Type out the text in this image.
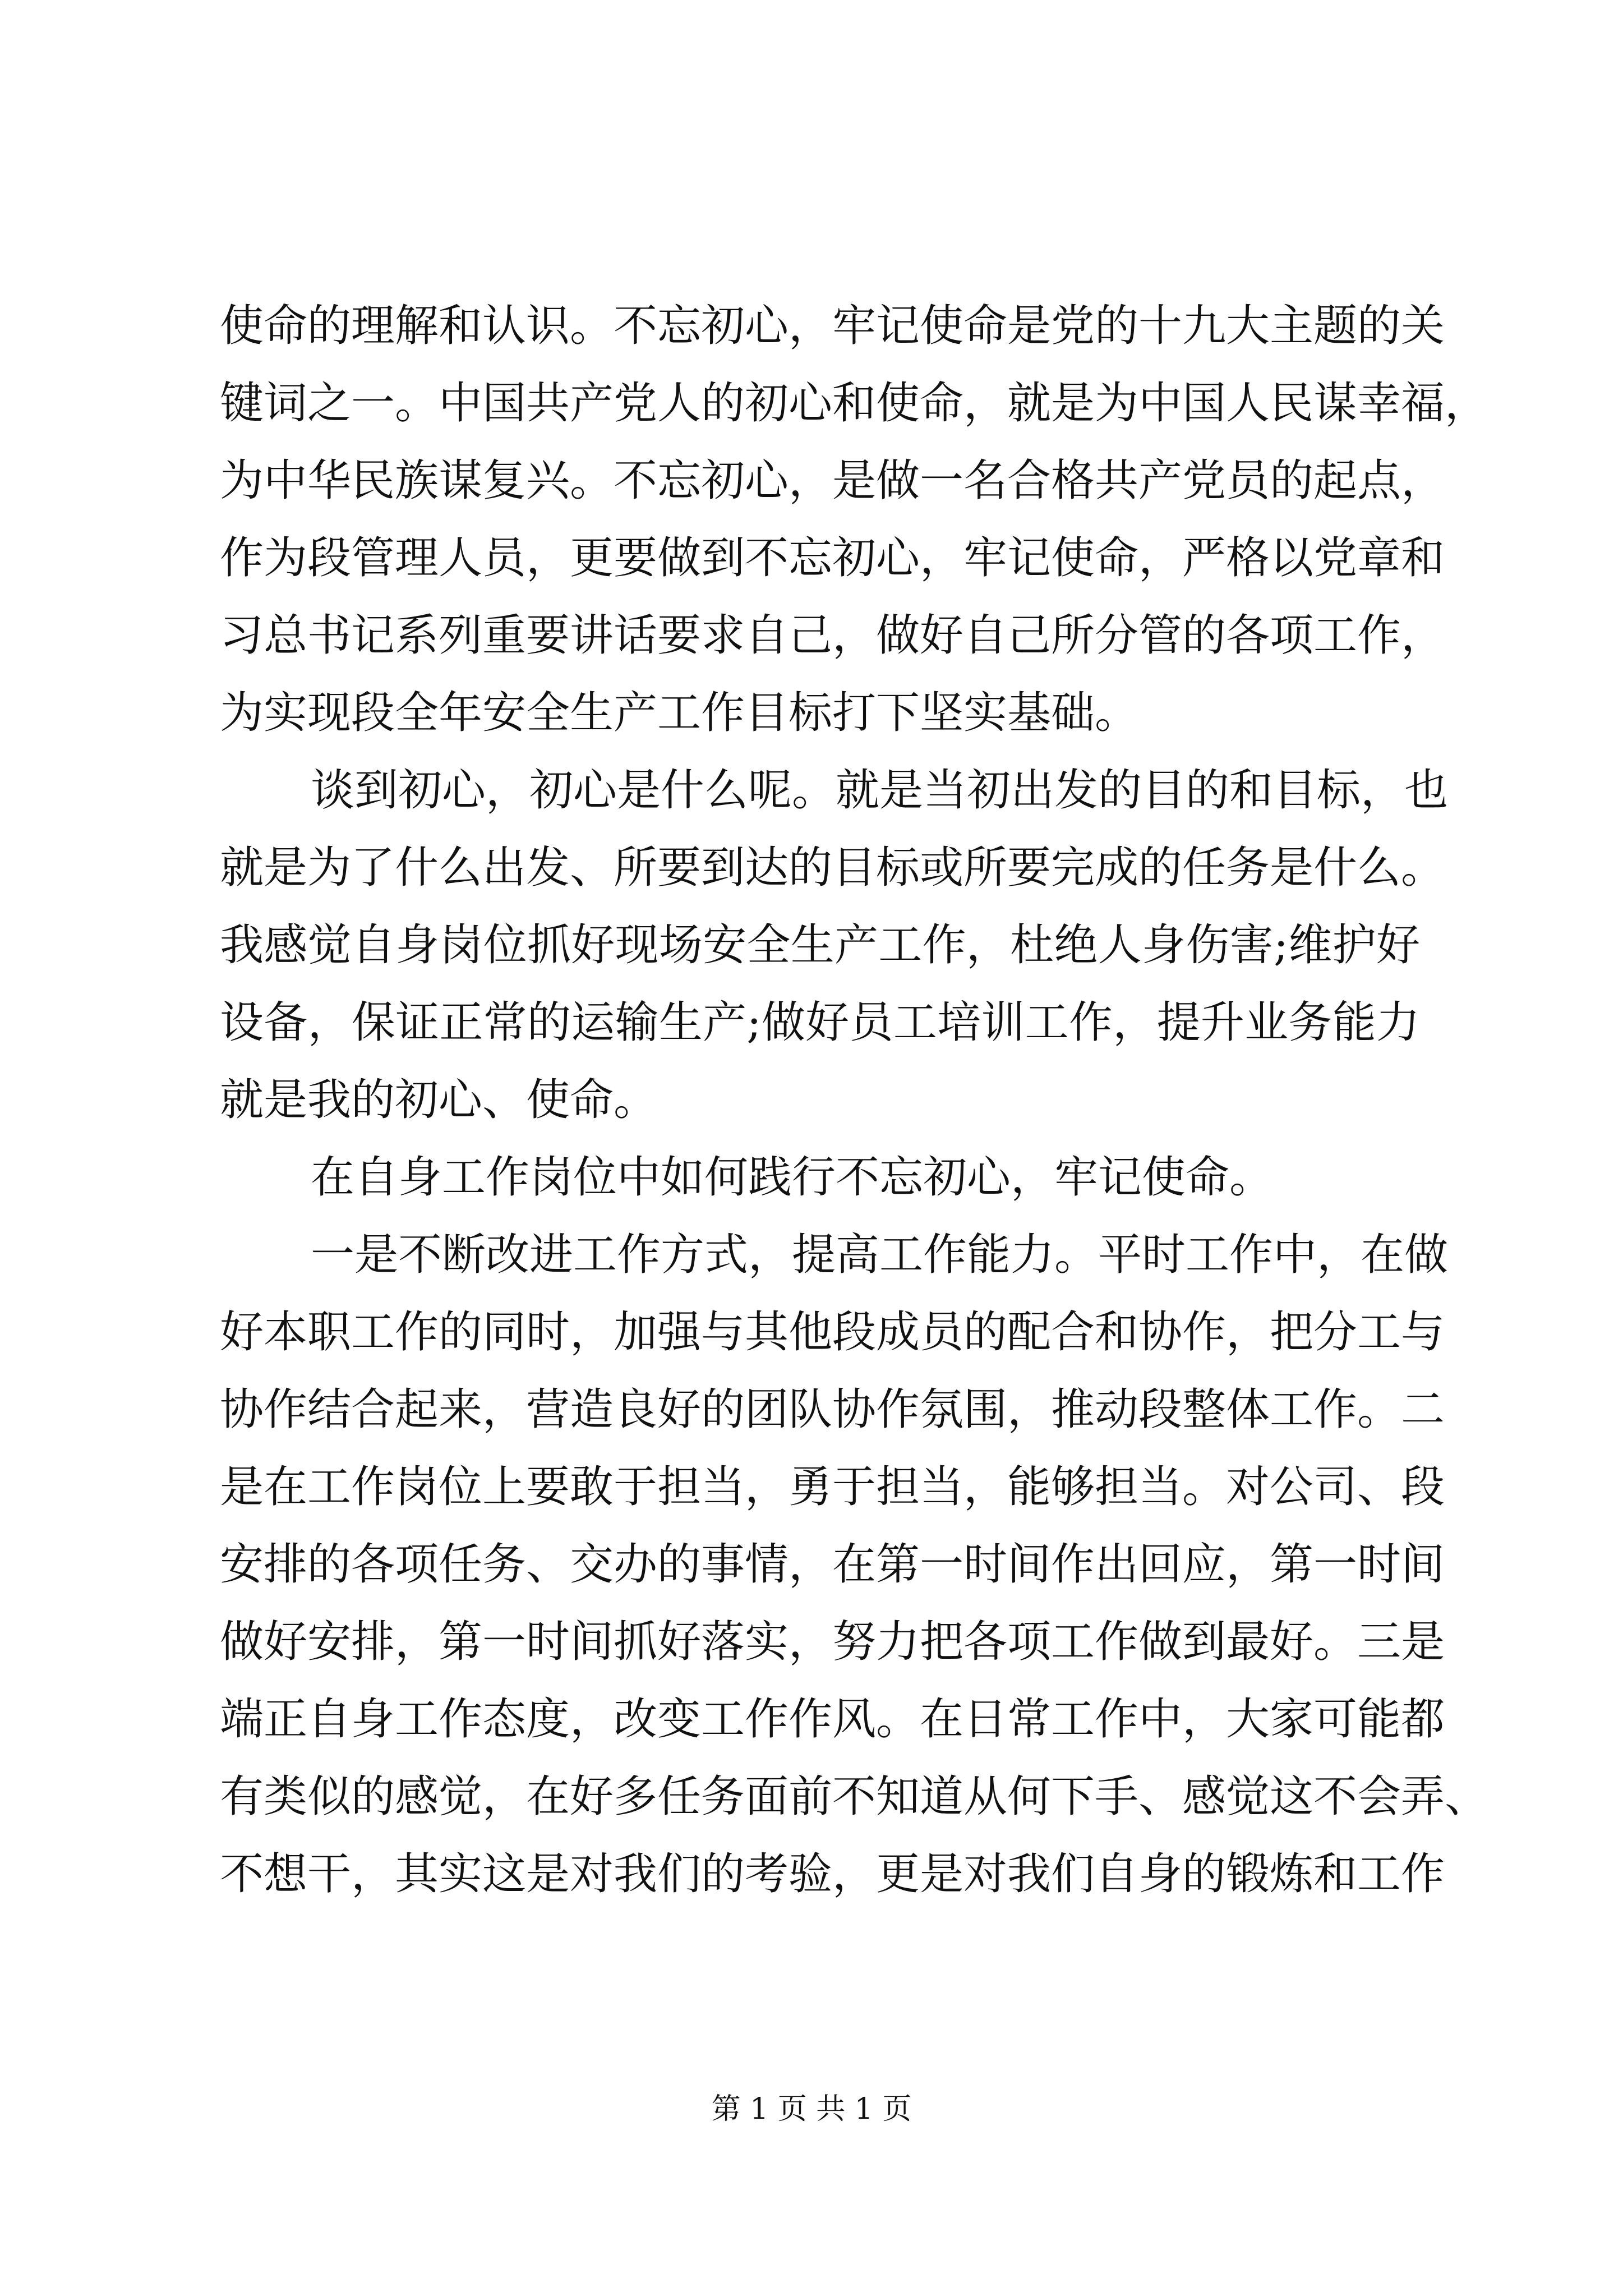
使命的理解和认识。不忘初心，牢记使命是党的十九大主题的关
键词之一。中国共产党人的初心和使命，就是为中国人民谋幸福，
为中华民族谋复兴。不忘初心，是做一名合格共产党员的起点，
作为段管理人员，更要做到不忘初心，牢记使命，严格以党章和
习总书记系列重要讲话要求自己，做好自己所分管的各项工作，
为实现段全年安全生产工作目标打下坚实基础。
谈到初心，初心是什么呢。就是当初出发的目的和目标，也
就是为了什么出发、所要到达的目标或所要完成的任务是什么。
我感觉自身岗位抓好现场安全生产工作，杜绝人身伤害;维护好
设备，保证正常的运输生产;做好员工培训工作，提升业务能力
就是我的初心、使命。
在自身工作岗位中如何践行不忘初心，牢记使命。
一是不断改进工作方式，提高工作能力。平时工作中，在做
好本职工作的同时，加强与其他段成员的配合和协作，把分工与
协作结合起来，营造良好的团队协作氛围，推动段整体工作。二
是在工作岗位上要敢于担当，勇于担当，能够担当。对公司、段
安排的各项任务、交办的事情，在第一时间作出回应，第一时间
做好安排，第一时间抓好落实，努力把各项工作做到最好。三是
端正自身工作态度，改变工作作风。在日常工作中，大家可能都
有类似的感觉，在好多任务面前不知道从何下手、感觉这不会弄、
不想干，其实这是对我们的考验，更是对我们自身的锻炼和工作
第 1 页 共 1 页
